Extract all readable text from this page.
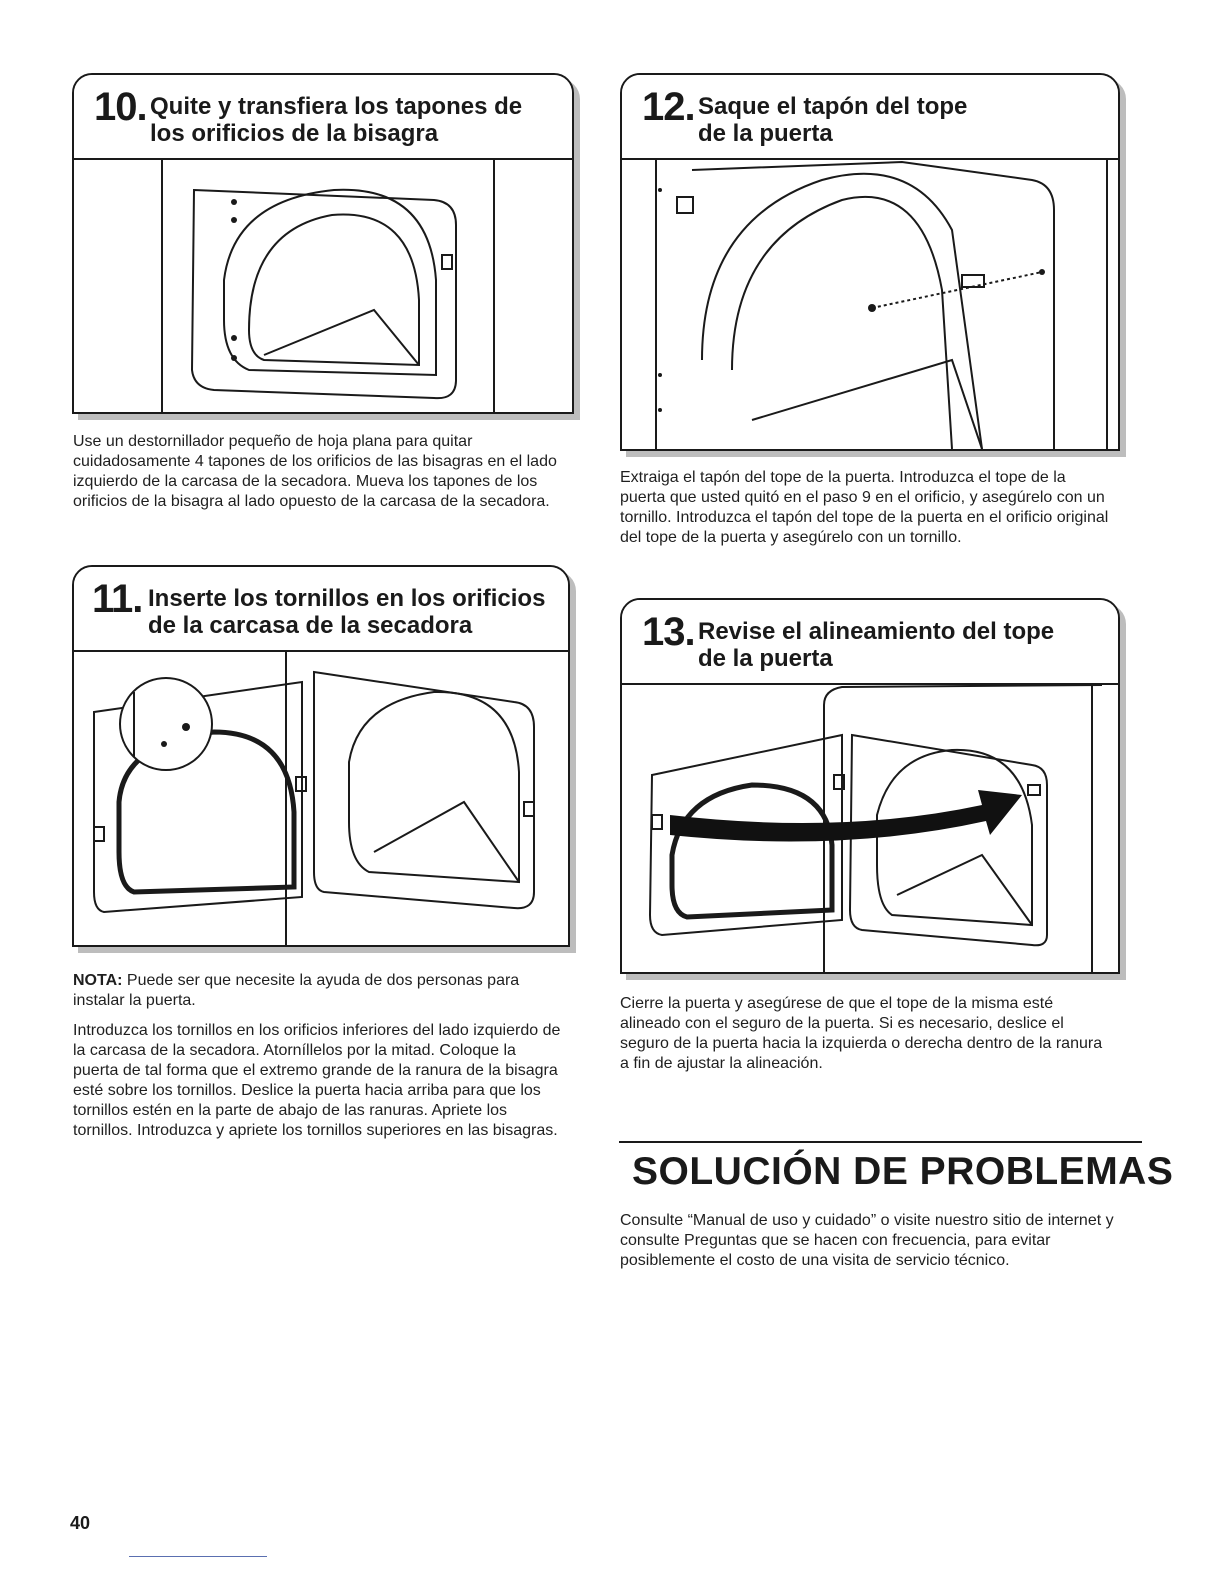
10. Quite y transfiera los tapones de
los orificios de la bisagra

Use un destornillador pequeño de hoja plana para quitar cuidadosamente 4 tapones de los orificios de las bisagras en el lado izquierdo de la carcasa de la secadora. Mueva los tapones de los orificios de la bisagra al lado opuesto de la carcasa de la secadora.

11. Inserte los tornillos en los orificios
de la carcasa de la secadora

NOTA: Puede ser que necesite la ayuda de dos personas para instalar la puerta.

Introduzca los tornillos en los orificios inferiores del lado izquierdo de la carcasa de la secadora. Atorníllelos por la mitad. Coloque la puerta de tal forma que el extremo grande de la ranura de la bisagra esté sobre los tornillos. Deslice la puerta hacia arriba para que los tornillos estén en la parte de abajo de las ranuras. Apriete los tornillos. Introduzca y apriete los tornillos superiores en las bisagras.

12. Saque el tapón del tope
de la puerta

Extraiga el tapón del tope de la puerta. Introduzca el tope de la puerta que usted quitó en el paso 9 en el orificio, y asegúrelo con un tornillo. Introduzca el tapón del tope de la puerta en el orificio original del tope de la puerta y asegúrelo con un tornillo.

13. Revise el alineamiento del tope
de la puerta

Cierre la puerta y asegúrese de que el tope de la misma esté alineado con el seguro de la puerta. Si es necesario, deslice el seguro de la puerta hacia la izquierda o derecha dentro de la ranura a fin de ajustar la alineación.

SOLUCIÓN DE PROBLEMAS

Consulte “Manual de uso y cuidado” o visite nuestro sitio de internet y consulte Preguntas que se hacen con frecuencia, para evitar posiblemente el costo de una visita de servicio técnico.

40
